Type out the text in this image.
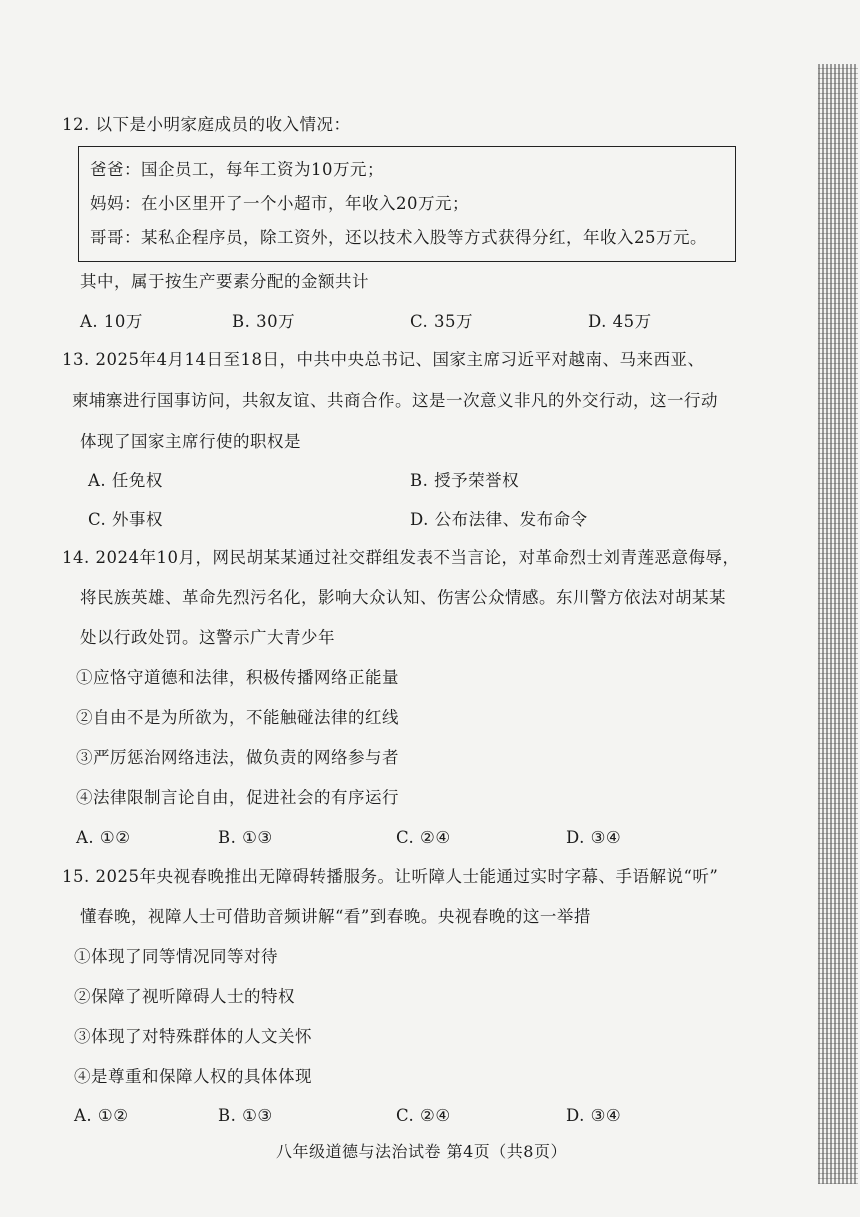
12. 以下是小明家庭成员的收入情况：
爸爸：国企员工，每年工资为10万元；
妈妈：在小区里开了一个小超市，年收入20万元；
哥哥：某私企程序员，除工资外，还以技术入股等方式获得分红，年收入25万元。
其中，属于按生产要素分配的金额共计
A. 10万	B. 30万	C. 35万	D. 45万
13. 2025年4月14日至18日，中共中央总书记、国家主席习近平对越南、马来西亚、
柬埔寨进行国事访问，共叙友谊、共商合作。这是一次意义非凡的外交行动，这一行动
体现了国家主席行使的职权是
A. 任免权	B. 授予荣誉权
C. 外事权	D. 公布法律、发布命令
14. 2024年10月，网民胡某某通过社交群组发表不当言论，对革命烈士刘青莲恶意侮辱，
将民族英雄、革命先烈污名化，影响大众认知、伤害公众情感。东川警方依法对胡某某
处以行政处罚。这警示广大青少年
①应恪守道德和法律，积极传播网络正能量
②自由不是为所欲为，不能触碰法律的红线
③严厉惩治网络违法，做负责的网络参与者
④法律限制言论自由，促进社会的有序运行
A. ①②	B. ①③	C. ②④	D. ③④
15. 2025年央视春晚推出无障碍转播服务。让听障人士能通过实时字幕、手语解说“听”
懂春晚，视障人士可借助音频讲解“看”到春晚。央视春晚的这一举措
①体现了同等情况同等对待
②保障了视听障碍人士的特权
③体现了对特殊群体的人文关怀
④是尊重和保障人权的具体体现
A. ①②	B. ①③	C. ②④	D. ③④
八年级道德与法治试卷 第4页（共8页）
